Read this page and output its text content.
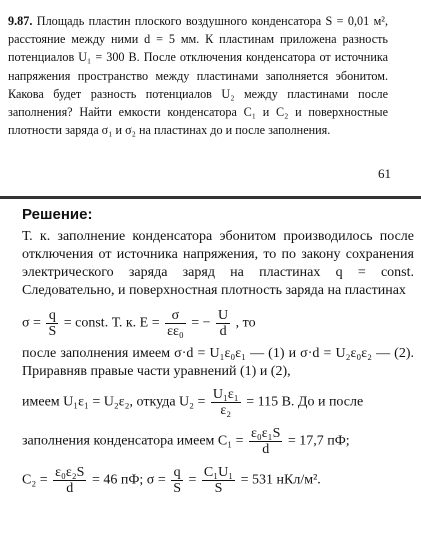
9.87. Площадь пластин плоского воздушного конденсатора S = 0,01 м², расстояние между ними d = 5 мм. К пластинам приложена разность потенциалов U₁ = 300 В. После отключения конденсатора от источника напряжения пространство между пластинами заполняется эбонитом. Какова будет разность потенциалов U₂ между пластинами после заполнения? Найти емкости конденсатора C₁ и C₂ и поверхностные плотности заряда σ₁ и σ₂ на пластинах до и после заполнения.

61
Решение:

Т. к. заполнение конденсатора эбонитом производилось после отключения от источника напряжения, то по закону сохранения электрического заряда заряд на пластинах q = const. Следовательно, и поверхностная плотность заряда на пластинах

$\sigma = \frac{q}{S}$ = const. Т. к. $E = \frac{\sigma}{\text{εε₀}}$ = − $\frac{U}{d}$ , то

после заполнения имеем σ·d = U₁ε₀ε₁ — (1) и σ·d = U₂ε₀ε₂ — (2). Приравняв правые части уравнений (1) и (2),

имеем U₁ε₁ = U₂ε₂, откуда $U_2 = \frac{\text{U₁ε₁}}{\text{ε₂}} = 115$ В. До и после
заполнения конденсатора имеем $C_1 = \frac{\text{ε₀ε₁S}}{d} = 17,7$ пФ;
$C_2 = \frac{\text{ε₀ε₂S}}{d} = 46$ пФ; $\sigma = \frac{q}{S} = \frac{\text{C₁U₁}}{S} = 531$ нКл/м².
